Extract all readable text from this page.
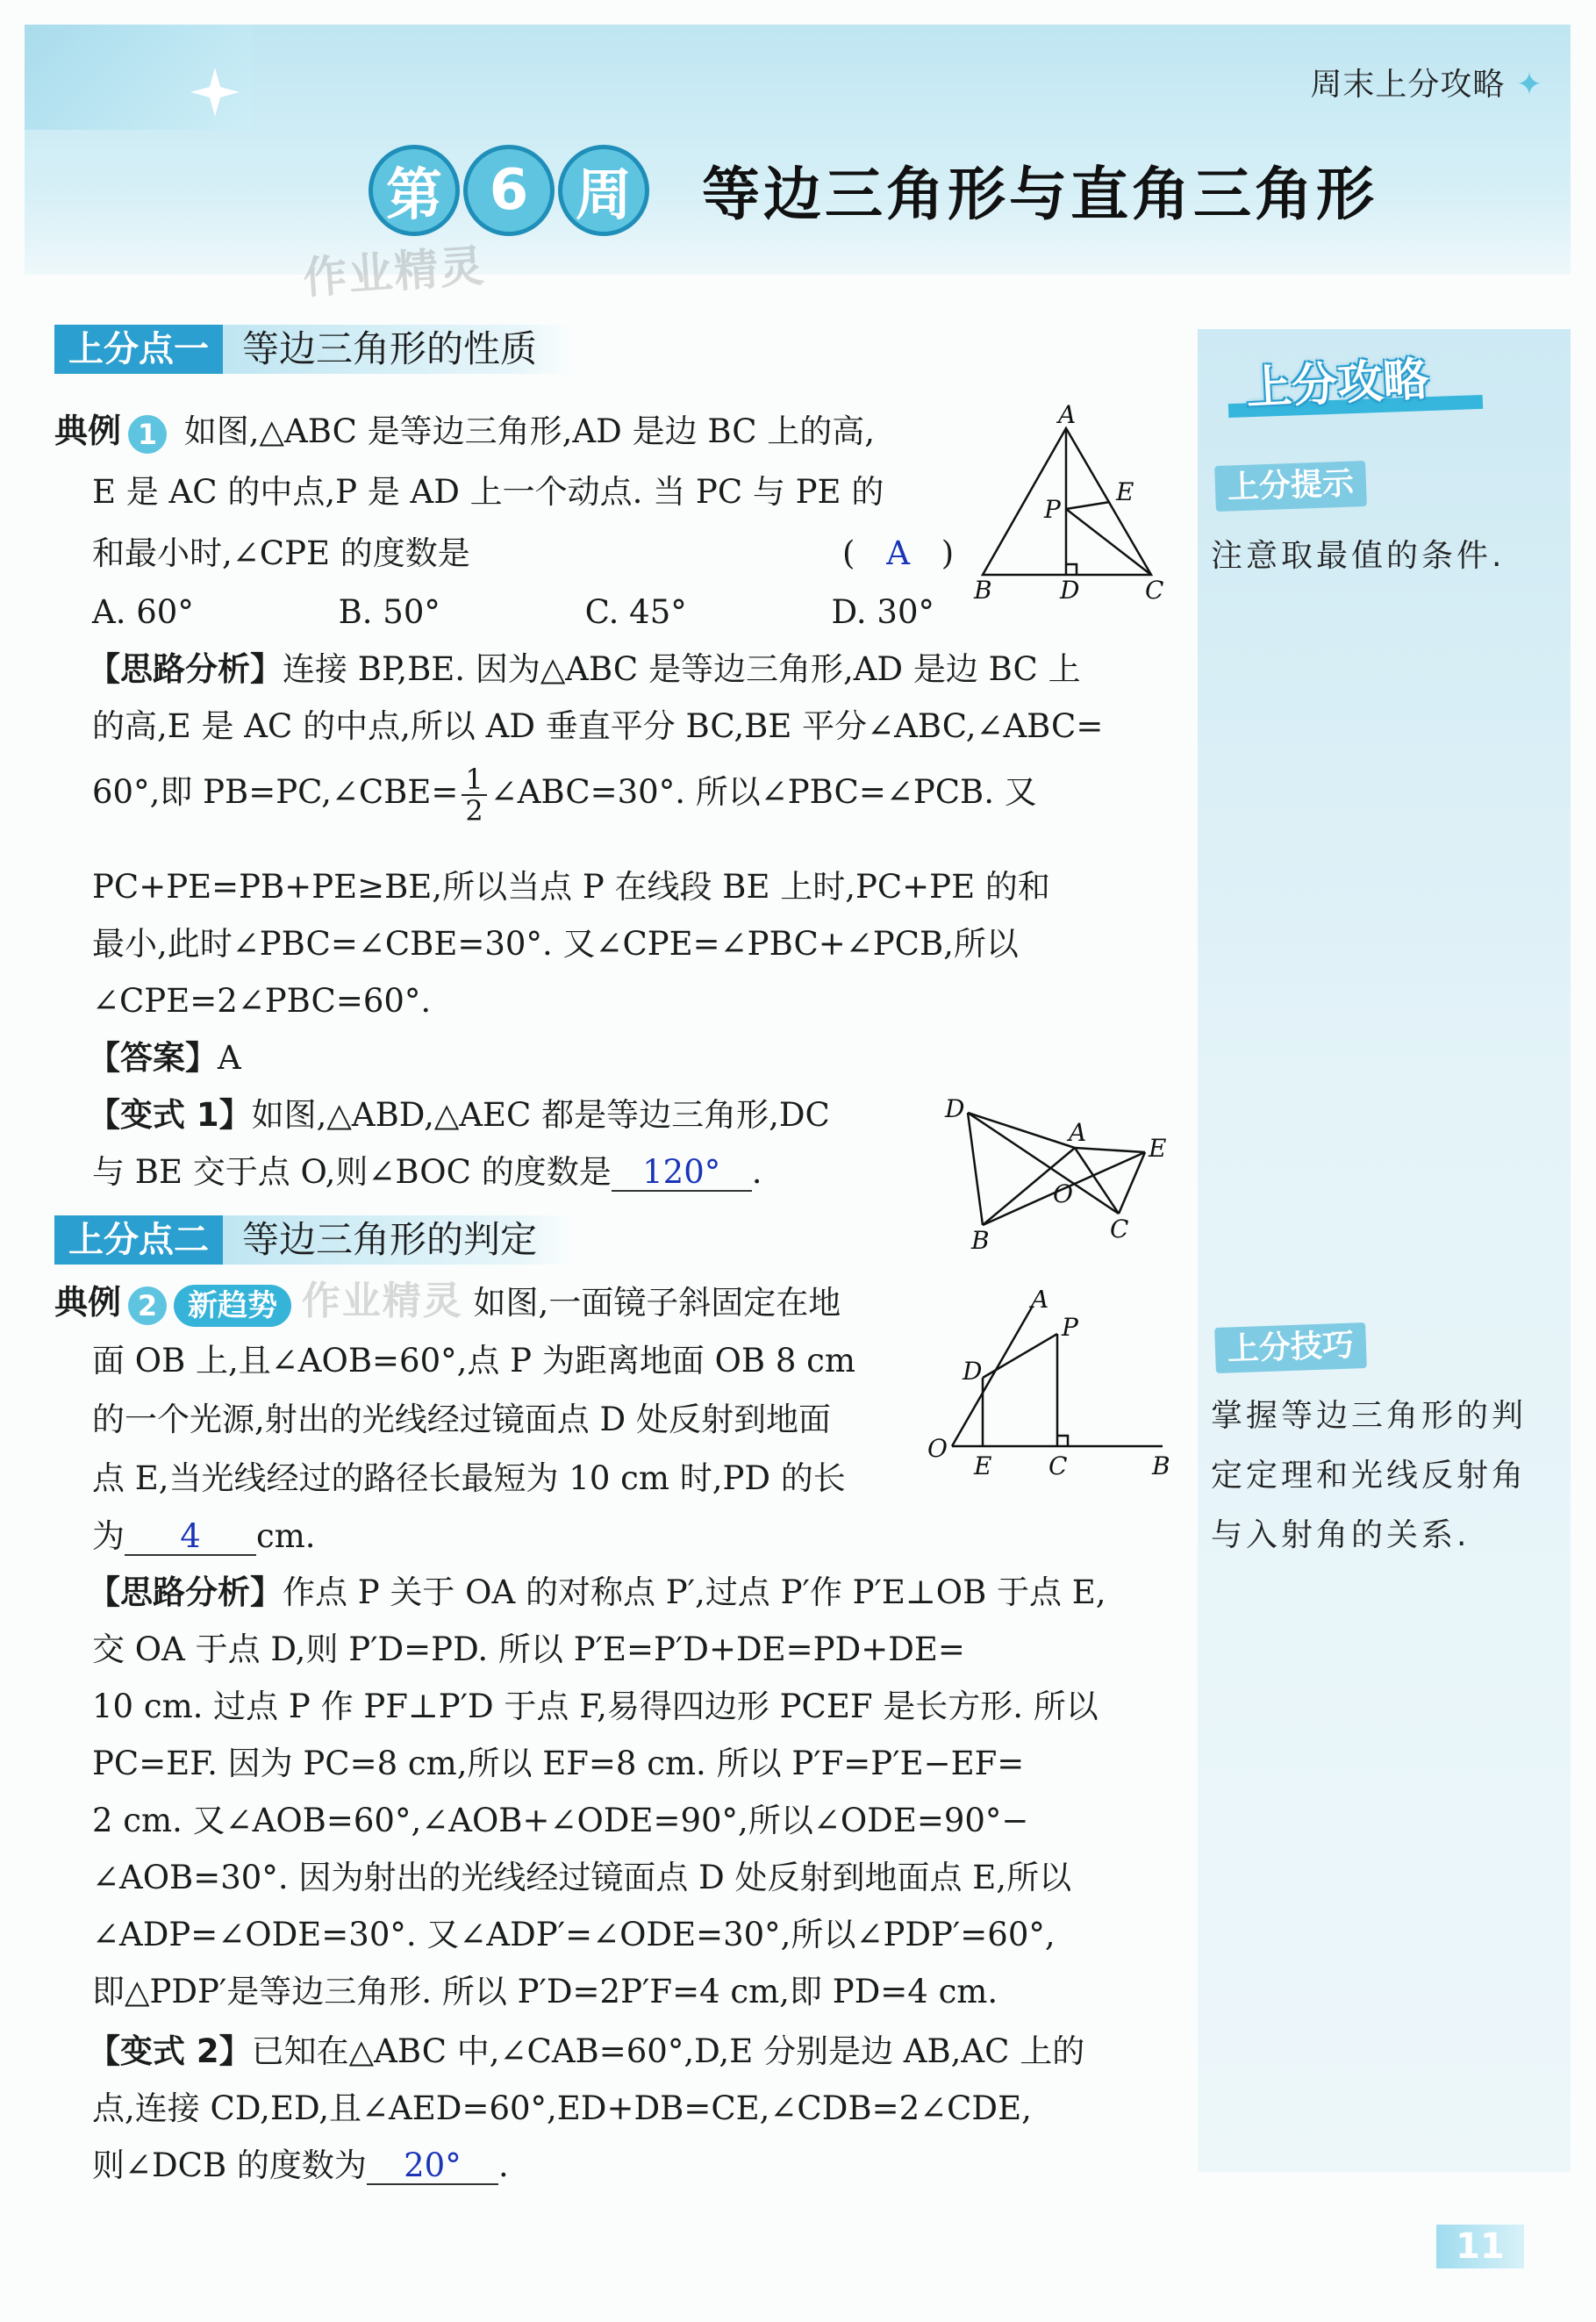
周末上分攻略 ✦
第 6 周	等边三角形与直角三角形
作业精灵
上分攻略
上分提示
注意取最值的条件.
上分技巧
掌握等边三角形的判
定定理和光线反射角
与入射角的关系.
上分点一 等边三角形的性质
典例 1 如图,△ABC 是等边三角形,AD 是边 BC 上的高,
E 是 AC 的中点,P 是 AD 上一个动点. 当 PC 与 PE 的
和最小时,∠CPE 的度数是	( A )
A. 60°	B. 50°	C. 45°	D. 30°
A
B	C
D
E
P
【思路分析】连接 BP,BE. 因为△ABC 是等边三角形,AD 是边 BC 上
的高,E 是 AC 的中点,所以 AD 垂直平分 BC,BE 平分∠ABC,∠ABC=
60°,即 PB=PC,∠CBE= $\frac{1}{2}$ ∠ABC=30°. 所以∠PBC=∠PCB. 又
PC+PE=PB+PE≥BE,所以当点 P 在线段 BE 上时,PC+PE 的和
最小,此时∠PBC=∠CBE=30°. 又∠CPE=∠PBC+∠PCB,所以
∠CPE=2∠PBC=60°.
【答案】A
【变式 1】如图,△ABD,△AEC 都是等边三角形,DC
与 BE 交于点 O,则∠BOC 的度数是 120° .
D
A
E
O
C
B
上分点二 等边三角形的判定
典例 2 新趋势 作业精灵 如图,一面镜子斜固定在地
面 OB 上,且∠AOB=60°,点 P 为距离地面 OB 8 cm
的一个光源,射出的光线经过镜面点 D 处反射到地面
点 E,当光线经过的路径长最短为 10 cm 时,PD 的长
为 4 cm.
A
P
D
O
E C	B
【思路分析】作点 P 关于 OA 的对称点 P′,过点 P′作 P′E⊥OB 于点 E,
交 OA 于点 D,则 P′D=PD. 所以 P′E=P′D+DE=PD+DE=
10 cm. 过点 P 作 PF⊥P′D 于点 F,易得四边形 PCEF 是长方形. 所以
PC=EF. 因为 PC=8 cm,所以 EF=8 cm. 所以 P′F=P′E−EF=
2 cm. 又∠AOB=60°,∠AOB+∠ODE=90°,所以∠ODE=90°−
∠AOB=30°. 因为射出的光线经过镜面点 D 处反射到地面点 E,所以
∠ADP=∠ODE=30°. 又∠ADP′=∠ODE=30°,所以∠PDP′=60°,
即△PDP′是等边三角形. 所以 P′D=2P′F=4 cm,即 PD=4 cm.
【变式 2】已知在△ABC 中,∠CAB=60°,D,E 分别是边 AB,AC 上的
点,连接 CD,ED,且∠AED=60°,ED+DB=CE,∠CDB=2∠CDE,
则∠DCB 的度数为 20° .
11
